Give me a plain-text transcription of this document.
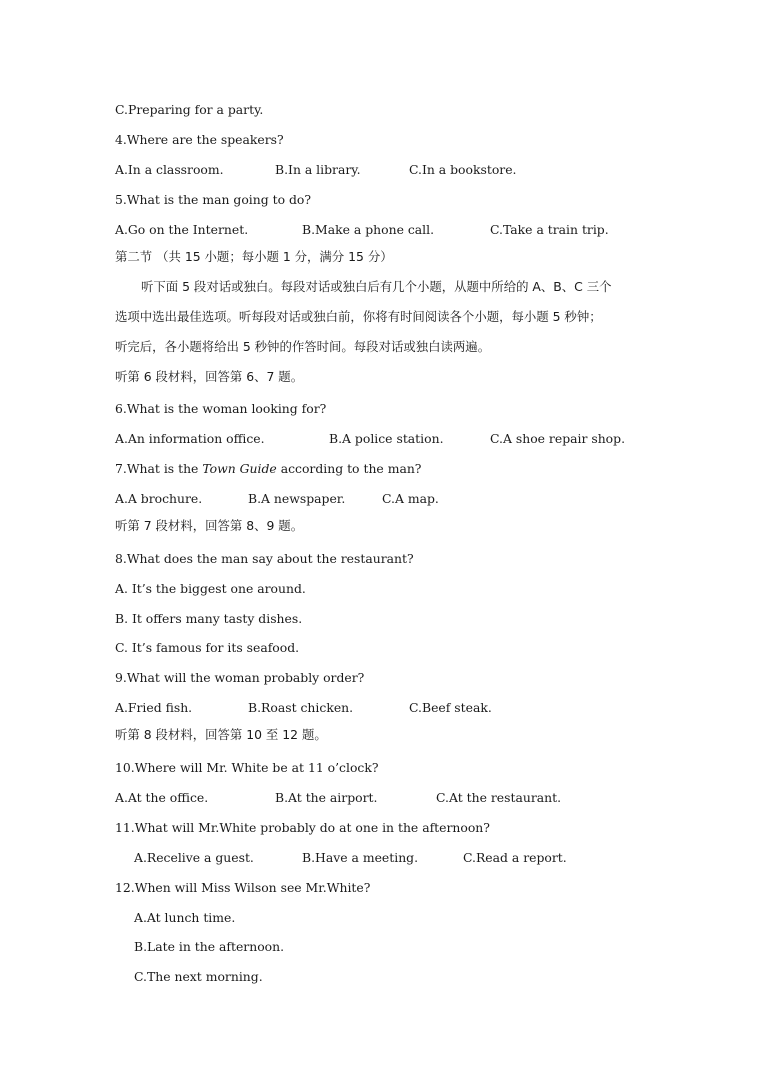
C.Preparing for a party.
4.Where are the speakers?
A.In a classroom.	B.In a library.	C.In a bookstore.
5.What is the man going to do?
A.Go on the Internet.	B.Make a phone call.	C.Take a train trip.
第二节 （共 15 小题；每小题 1 分，满分 15 分）
听下面 5 段对话或独白。每段对话或独白后有几个小题，从题中所给的 A、B、C 三个
选项中选出最佳选项。听每段对话或独白前，你将有时间阅读各个小题，每小题 5 秒钟；
听完后，各小题将给出 5 秒钟的作答时间。每段对话或独白读两遍。
听第 6 段材料，回答第 6、7 题。
6.What is the woman looking for?
A.An information office.	B.A police station.	C.A shoe repair shop.
7.What is the Town Guide according to the man?
A.A brochure.	B.A newspaper.	C.A map.
听第 7 段材料，回答第 8、9 题。
8.What does the man say about the restaurant?
A. It’s the biggest one around.
B. It offers many tasty dishes.
C. It’s famous for its seafood.
9.What will the woman probably order?
A.Fried fish.	B.Roast chicken.	C.Beef steak.
听第 8 段材料，回答第 10 至 12 题。
10.Where will Mr. White be at 11 o’clock?
A.At the office.	B.At the airport.	C.At the restaurant.
11.What will Mr.White probably do at one in the afternoon?
A.Recelive a guest.	B.Have a meeting.	C.Read a report.
12.When will Miss Wilson see Mr.White?
A.At lunch time.
B.Late in the afternoon.
C.The next morning.
